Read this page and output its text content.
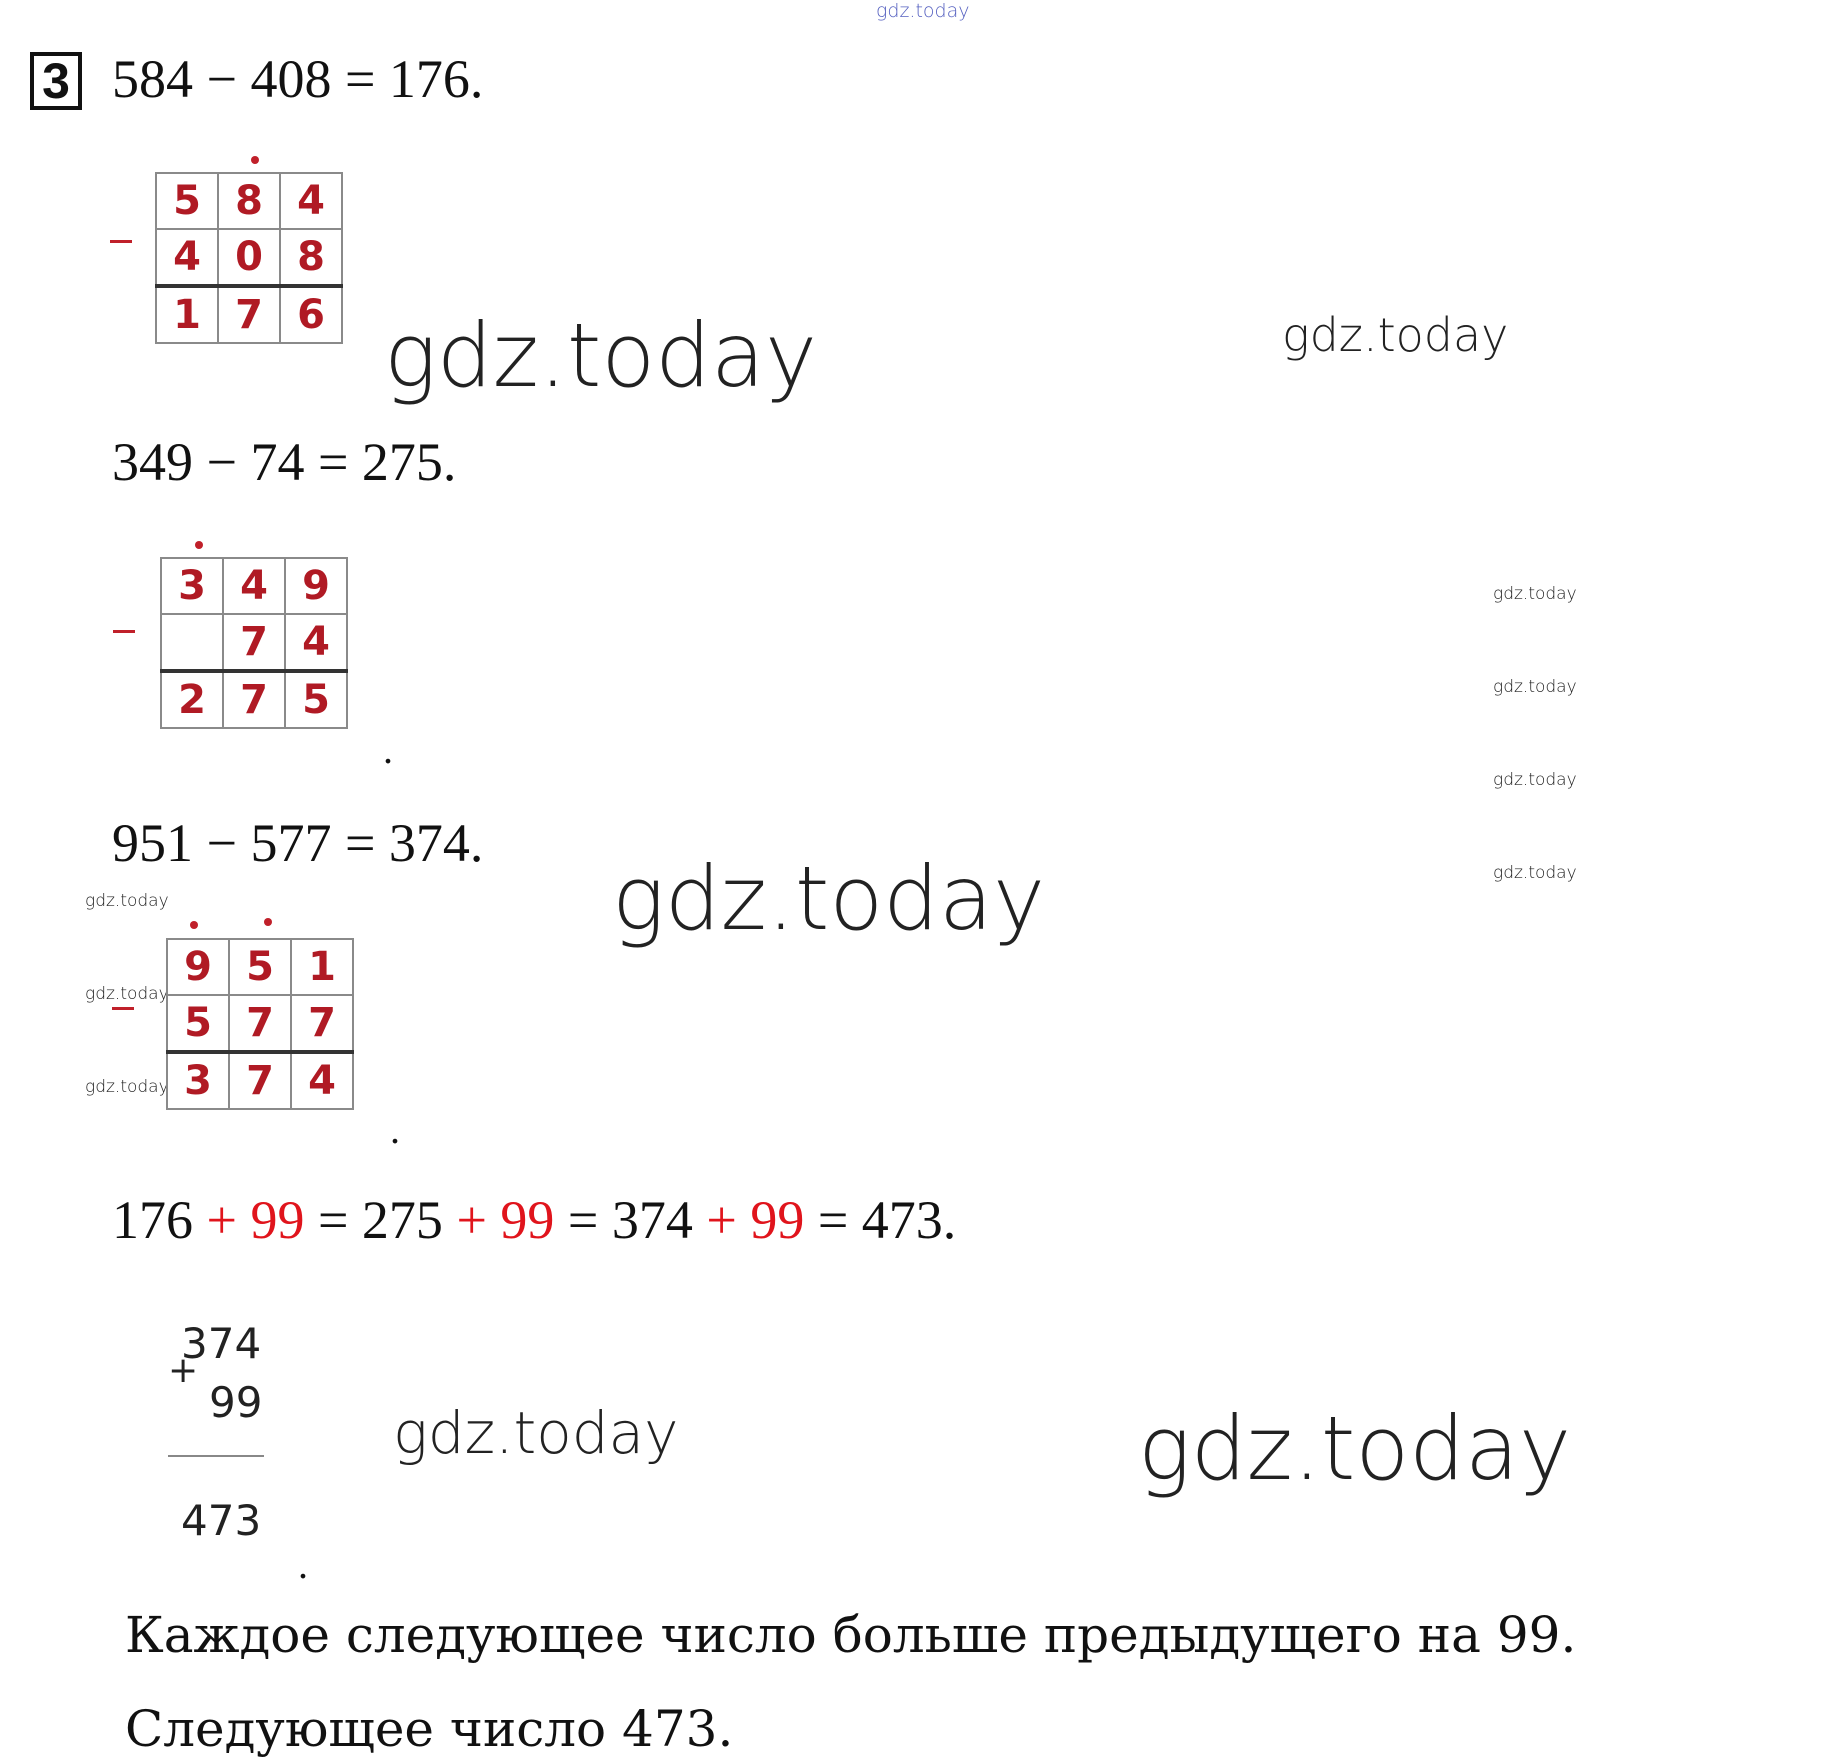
gdz.today
3 584 − 408 = 176.
5	8	4
4	0	8
1	7	6 gdz.today	gdz.today
349 − 74 = 275.
3	4	9
	7	4
2	7	5
.
gdz.today
gdz.today
gdz.today
gdz.today
951 − 577 = 374.
gdz.today
gdz.today
gdz.today
gdz.today
9	5	1
5	7	7
3	7	4
.
176 + 99 = 275 + 99 = 374 + 99 = 473.
374
+
99
473
.
gdz.today	gdz.today
Каждое следующее число больше предыдущего на 99.
Следующее число 473.
